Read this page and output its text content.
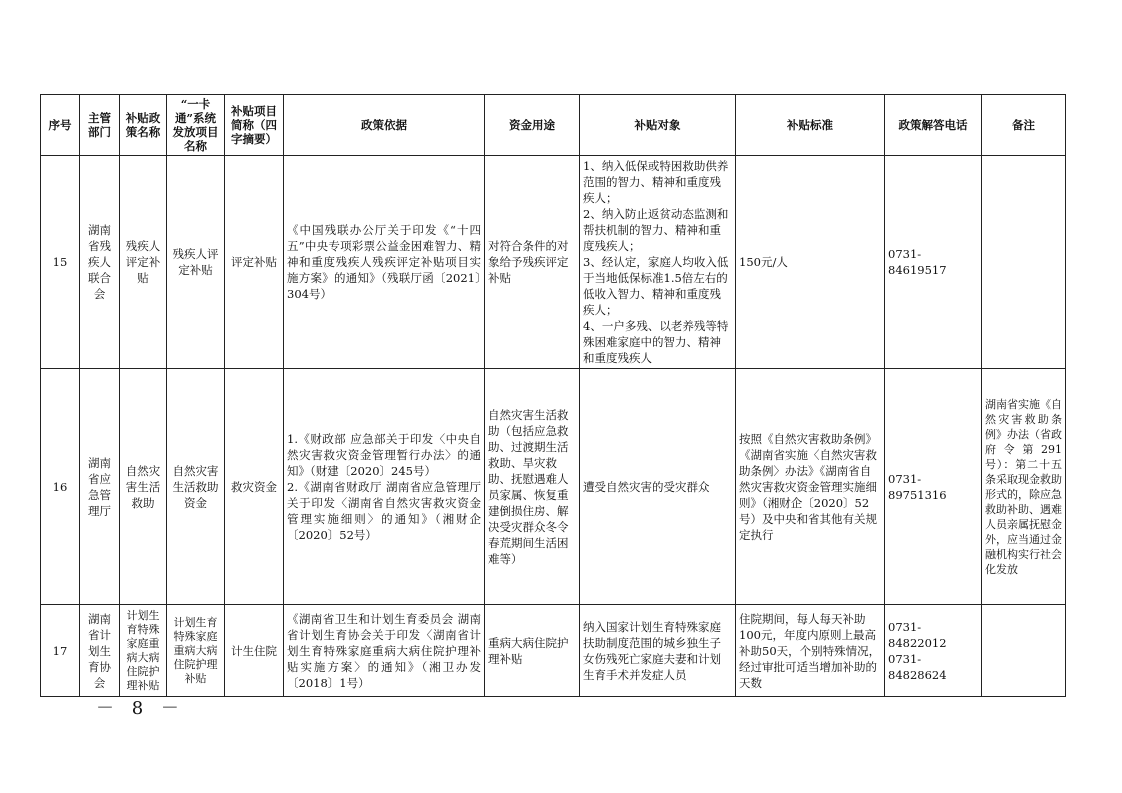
序号	主管部门	补贴政策名称	“一卡通”系统发放项目名称	补贴项目简称（四字摘要）	政策依据	资金用途	补贴对象	补贴标准	政策解答电话	备注
15	湖南省残疾人联合会	残疾人评定补贴	残疾人评定补贴	评定补贴	《中国残联办公厅关于印发《“十四五”中央专项彩票公益金困难智力、精神和重度残疾人残疾评定补贴项目实施方案》的通知》（残联厅函〔2021〕304号）	对符合条件的对象给予残疾评定补贴	1、纳入低保或特困救助供养范围的智力、精神和重度残疾人；
2、纳入防止返贫动态监测和帮扶机制的智力、精神和重度残疾人；
3、经认定，家庭人均收入低于当地低保标准1.5倍左右的低收入智力、精神和重度残疾人；
4、一户多残、以老养残等特殊困难家庭中的智力、精神和重度残疾人	150元/人	0731-84619517	
16	湖南省应急管理厅	自然灾害生活救助	自然灾害生活救助资金	救灾资金	1.《财政部 应急部关于印发〈中央自然灾害救灾资金管理暂行办法〉的通知》（财建〔2020〕245号）
2.《湖南省财政厅 湖南省应急管理厅关于印发〈湖南省自然灾害救灾资金管理实施细则〉的通知》（湘财企〔2020〕52号）	自然灾害生活救助（包括应急救助、过渡期生活救助、旱灾救助、抚慰遇难人员家属、恢复重建倒损住房、解决受灾群众冬令春荒期间生活困难等）	遭受自然灾害的受灾群众	按照《自然灾害救助条例》《湖南省实施〈自然灾害救助条例〉办法》《湖南省自然灾害救灾资金管理实施细则》（湘财企〔2020〕52号）及中央和省其他有关规定执行	0731-89751316	湖南省实施《自然灾害救助条例》办法（省政府令第291号）：第二十五条采取现金救助形式的，除应急救助补助、遇难人员亲属抚慰金外，应当通过金融机构实行社会化发放
17	湖南省计划生育协会	计划生育特殊家庭重病大病住院护理补贴	计划生育特殊家庭重病大病住院护理补贴	计生住院	《湖南省卫生和计划生育委员会 湖南省计划生育协会关于印发〈湖南省计划生育特殊家庭重病大病住院护理补贴实施方案〉的通知》（湘卫办发〔2018〕1号）	重病大病住院护理补贴	纳入国家计划生育特殊家庭扶助制度范围的城乡独生子女伤残死亡家庭夫妻和计划生育手术并发症人员	住院期间，每人每天补助100元，年度内原则上最高补助50天，个别特殊情况，经过审批可适当增加补助的天数	0731-84822012
0731-84828624	
－ 8 －
